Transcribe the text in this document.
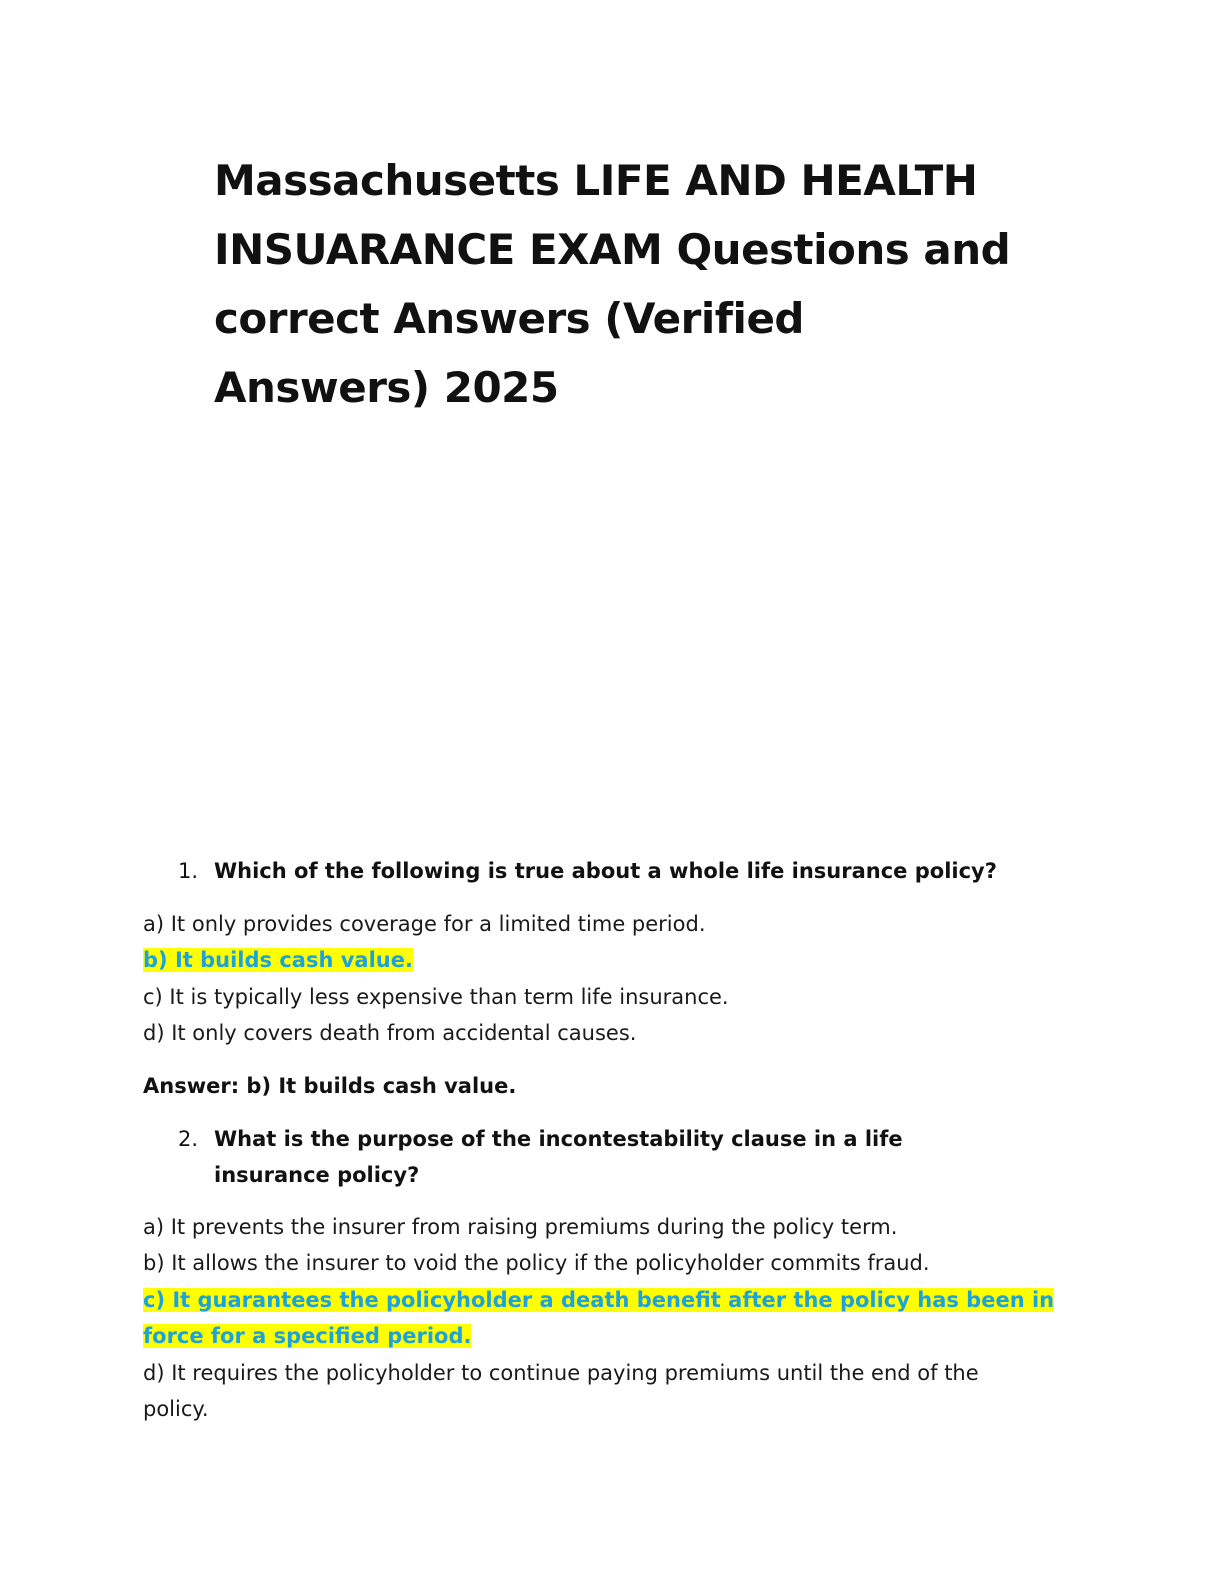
Massachusetts LIFE AND HEALTH INSUARANCE EXAM Questions and correct Answers (Verified Answers) 2025
1. Which of the following is true about a whole life insurance policy?

a) It only provides coverage for a limited time period.

b) It builds cash value.

c) It is typically less expensive than term life insurance.

d) It only covers death from accidental causes.

Answer: b) It builds cash value.

2. What is the purpose of the incontestability clause in a life insurance policy?

a) It prevents the insurer from raising premiums during the policy term.

b) It allows the insurer to void the policy if the policyholder commits fraud.

c) It guarantees the policyholder a death benefit after the policy has been in

force for a specified period.

d) It requires the policyholder to continue paying premiums until the end of the

policy.
